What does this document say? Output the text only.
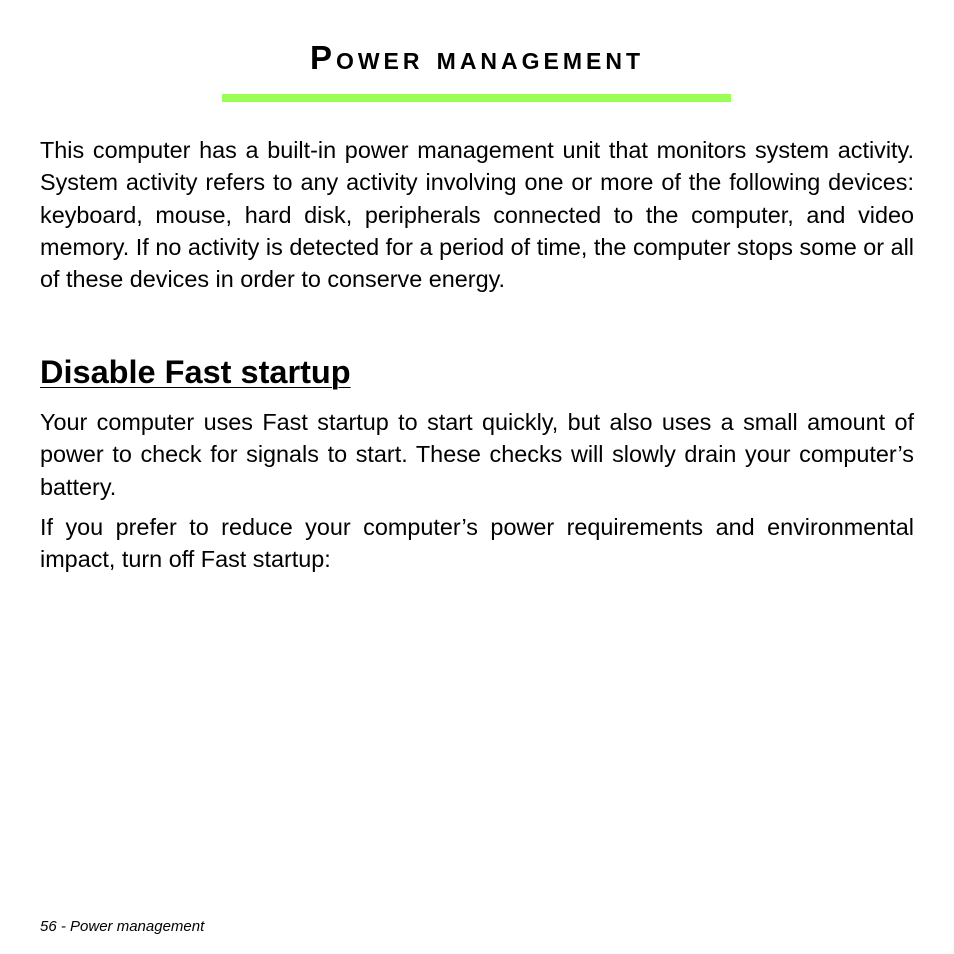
Power management

This computer has a built-in power management unit that monitors system activity. System activity refers to any activity involving one or more of the following devices: keyboard, mouse, hard disk, peripherals connected to the computer, and video memory. If no activity is detected for a period of time, the computer stops some or all of these devices in order to conserve energy.

Disable Fast startup

Your computer uses Fast startup to start quickly, but also uses a small amount of power to check for signals to start. These checks will slowly drain your computer’s battery.

If you prefer to reduce your computer’s power requirements and environmental impact, turn off Fast startup:

56 - Power management
